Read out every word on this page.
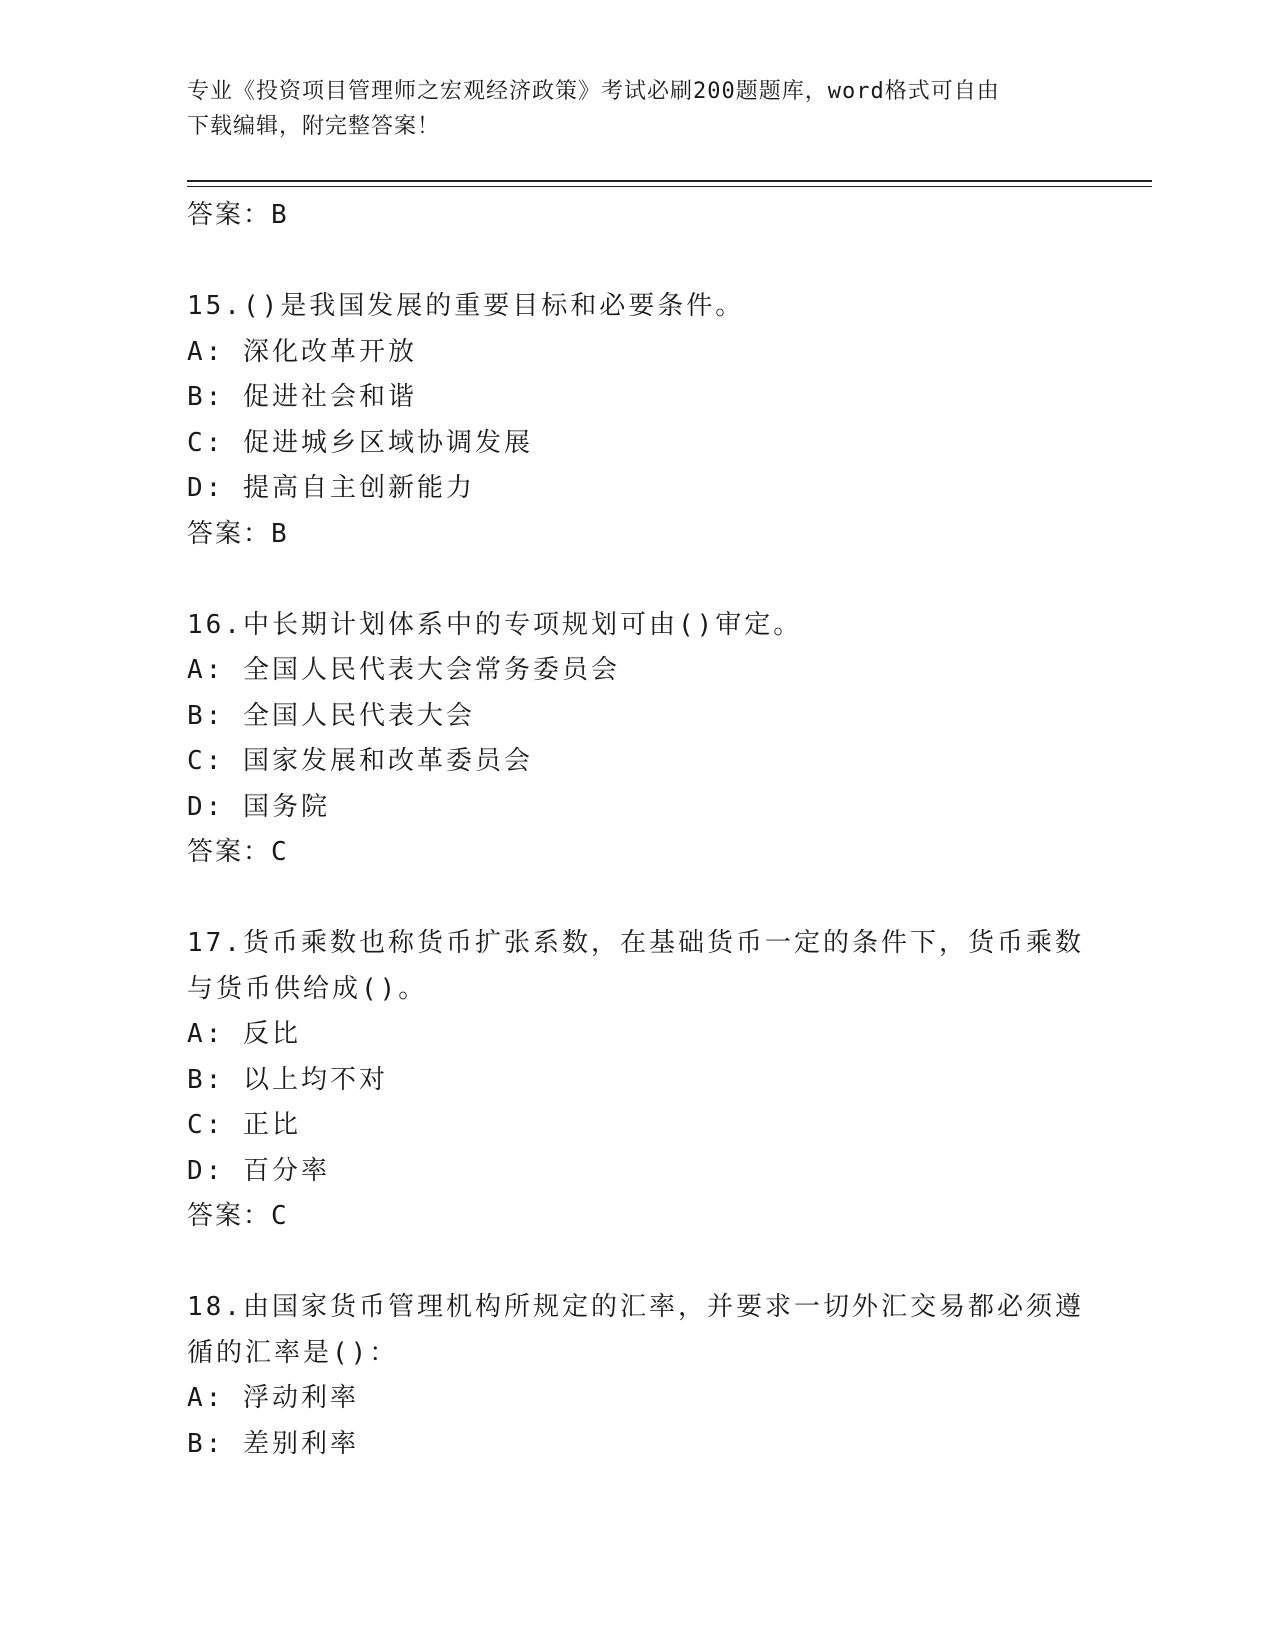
专业《投资项目管理师之宏观经济政策》考试必刷200题题库，word格式可自由
下载编辑，附完整答案！
答案：B
15.()是我国发展的重要目标和必要条件。
A: 深化改革开放
B: 促进社会和谐
C: 促进城乡区域协调发展
D: 提高自主创新能力
答案：B
16.中长期计划体系中的专项规划可由()审定。
A: 全国人民代表大会常务委员会
B: 全国人民代表大会
C: 国家发展和改革委员会
D: 国务院
答案：C
17.货币乘数也称货币扩张系数，在基础货币一定的条件下，货币乘数
与货币供给成()。
A: 反比
B: 以上均不对
C: 正比
D: 百分率
答案：C
18.由国家货币管理机构所规定的汇率，并要求一切外汇交易都必须遵
循的汇率是()：
A: 浮动利率
B: 差别利率
